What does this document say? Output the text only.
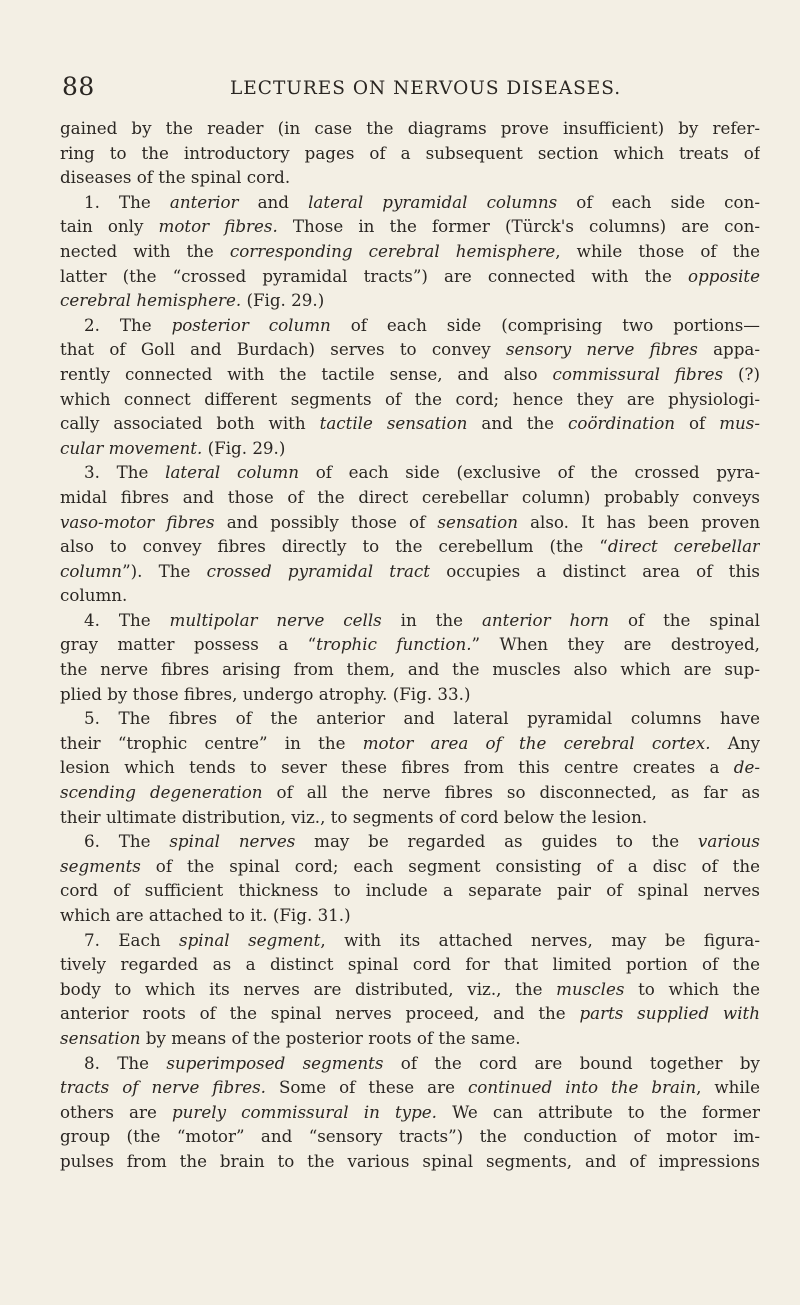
88	LECTURES ON NERVOUS DISEASES.
gained by the reader (in case the diagrams prove insufficient) by refer-
ring to the introductory pages of a subsequent section which treats of
diseases of the spinal cord.
1. The anterior and lateral pyramidal columns of each side con-
tain only motor fibres. Those in the former (Türck's columns) are con-
nected with the corresponding cerebral hemisphere, while those of the
latter (the “crossed pyramidal tracts”) are connected with the opposite
cerebral hemisphere. (Fig. 29.)
2. The posterior column of each side (comprising two portions—
that of Goll and Burdach) serves to convey sensory nerve fibres appa-
rently connected with the tactile sense, and also commissural fibres (?)
which connect different segments of the cord; hence they are physiologi-
cally associated both with tactile sensation and the coördination of mus-
cular movement. (Fig. 29.)
3. The lateral column of each side (exclusive of the crossed pyra-
midal fibres and those of the direct cerebellar column) probably conveys
vaso-motor fibres and possibly those of sensation also. It has been proven
also to convey fibres directly to the cerebellum (the “direct cerebellar
column”). The crossed pyramidal tract occupies a distinct area of this
column.
4. The multipolar nerve cells in the anterior horn of the spinal
gray matter possess a “trophic function.” When they are destroyed,
the nerve fibres arising from them, and the muscles also which are sup-
plied by those fibres, undergo atrophy. (Fig. 33.)
5. The fibres of the anterior and lateral pyramidal columns have
their “trophic centre” in the motor area of the cerebral cortex. Any
lesion which tends to sever these fibres from this centre creates a de-
scending degeneration of all the nerve fibres so disconnected, as far as
their ultimate distribution, viz., to segments of cord below the lesion.
6. The spinal nerves may be regarded as guides to the various
segments of the spinal cord; each segment consisting of a disc of the
cord of sufficient thickness to include a separate pair of spinal nerves
which are attached to it. (Fig. 31.)
7. Each spinal segment, with its attached nerves, may be figura-
tively regarded as a distinct spinal cord for that limited portion of the
body to which its nerves are distributed, viz., the muscles to which the
anterior roots of the spinal nerves proceed, and the parts supplied with
sensation by means of the posterior roots of the same.
8. The superimposed segments of the cord are bound together by
tracts of nerve fibres. Some of these are continued into the brain, while
others are purely commissural in type. We can attribute to the former
group (the “motor” and “sensory tracts”) the conduction of motor im-
pulses from the brain to the various spinal segments, and of impressions
